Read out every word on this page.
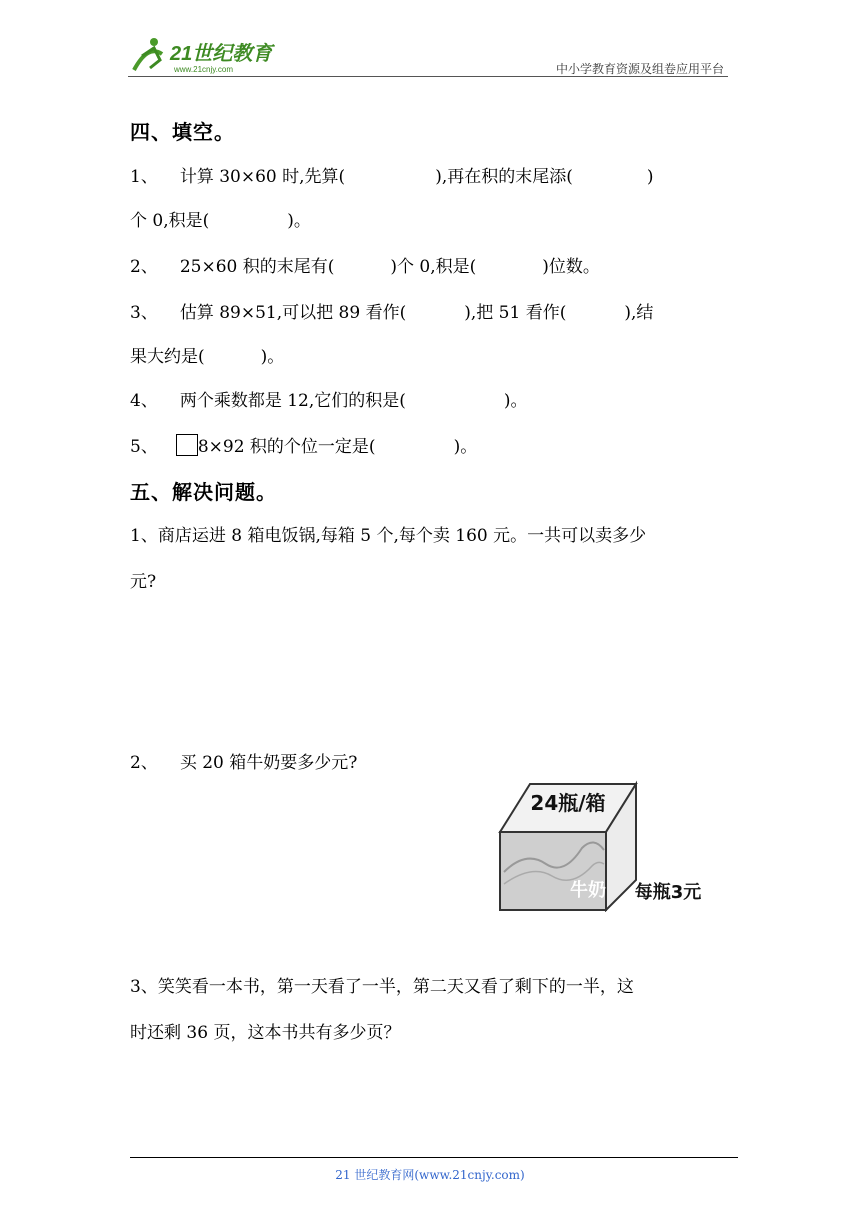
21世纪教育
www.21cnjy.com	中小学教育资源及组卷应用平台
四、填空。
1、 计算 30×60 时,先算(	),再在积的末尾添(	)
个 0,积是(	)。
2、 25×60 积的末尾有(	)个 0,积是(	)位数。
3、 估算 89×51,可以把 89 看作(	),把 51 看作(	),结
果大约是(	)。
4、 两个乘数都是 12,它们的积是(	)。
5、 8×92 积的个位一定是(	)。
五、解决问题。
1、商店运进 8 箱电饭锅,每箱 5 个,每个卖 160 元。一共可以卖多少
元?
2、 买 20 箱牛奶要多少元?
24瓶/箱
牛奶 每瓶3元
3、笑笑看一本书，第一天看了一半，第二天又看了剩下的一半，这
时还剩 36 页，这本书共有多少页？
21 世纪教育网(www.21cnjy.com)
